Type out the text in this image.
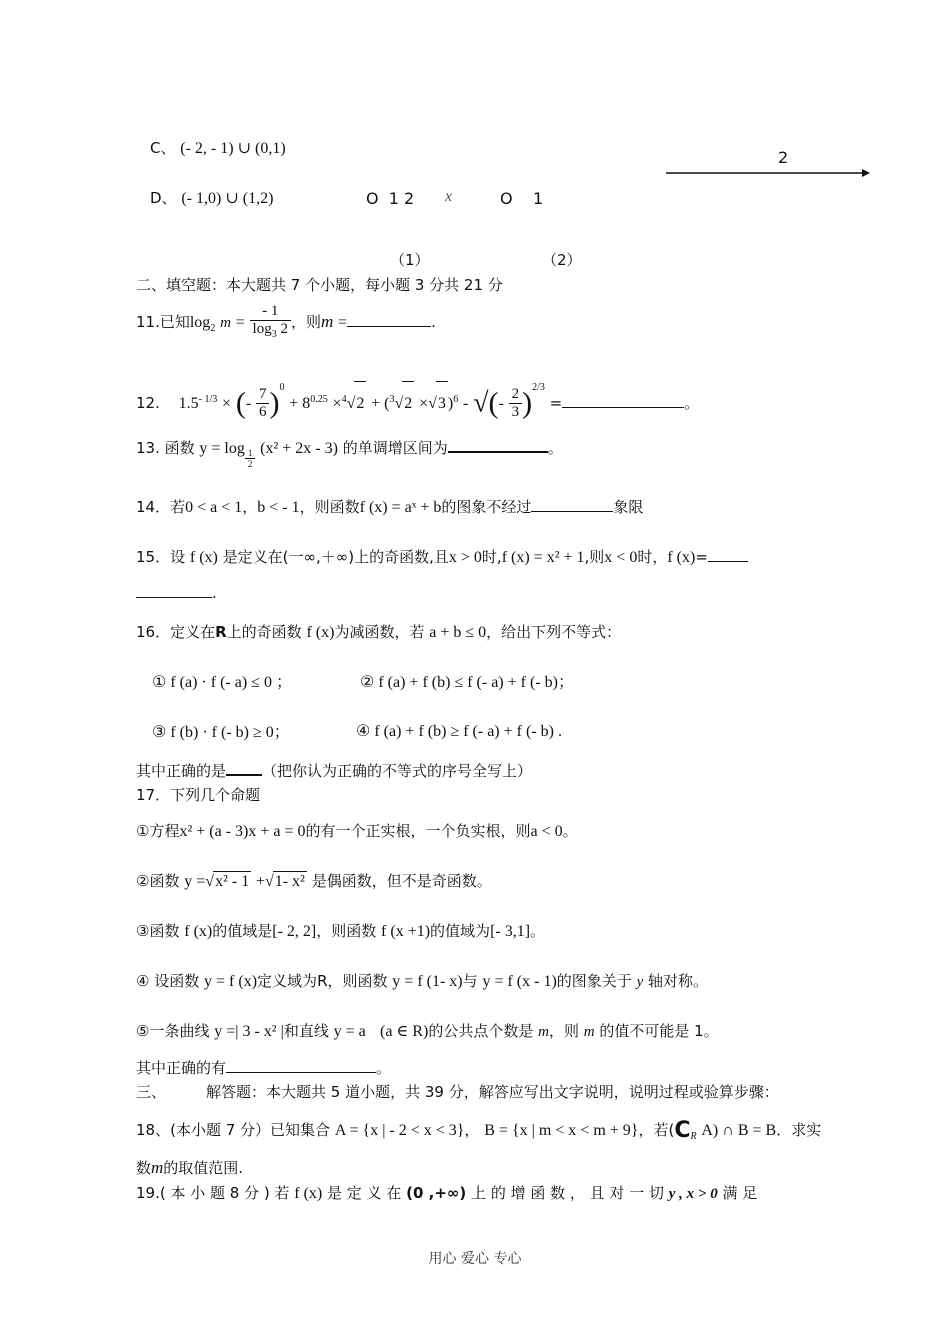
C、 (- 2, - 1) ∪ (0,1)
D、 (- 1,0) ∪ (1,2)
2
O  1 2 x	O    1
（1）	（2）
二、填空题：本大题共 7 个小题，每小题 3 分共 21 分
11.已知$\log_2 m = \frac{- 1}{\log_3 2}$ ，则m =	.
12. $1.5^{- 1/3}$ × (- $\frac{7}{6} )^0 + 8^{0.25} \times^4√2 + (^3√2 \times√3$ )$^6$ - √(- $\frac{2}{3} )^{2/3}$ =	。
13. 函数 $y = \log \frac{1}{2} (x^2 + 2x - 3)$ 的单调增区间为	。
14．若0 < a < 1，b < - 1，则函数f (x) = aˣ + b的图象不经过	象限
15．设 f (x) 是定义在(一∞,＋∞)上的奇函数,且x > 0时,f (x) = x² + 1,则x < 0时，f (x)=
.
16．定义在R上的奇函数 f (x)为减函数，若 a + b ≤ 0，给出下列不等式：
① f (a) · f (- a) ≤ 0 ；	② f (a) + f (b) ≤ f (- a) + f (- b)；
③ f (b) · f (- b) ≥ 0；	④ f (a) + f (b) ≥ f (- a) + f (- b) .
其中正确的是 （把你认为正确的不等式的序号全写上）
17．下列几个命题
①方程x² + (a - 3)x + a = 0的有一个正实根，一个负实根，则a < 0。
②函数 y =√x² - 1 +√1- x² 是偶函数，但不是奇函数。
③函数 f (x)的值域是[- 2, 2]，则函数 f (x +1)的值域为[- 3,1]。
④ 设函数 y = f (x)定义域为R，则函数 y = f (1- x)与 y = f (x - 1)的图象关于 y 轴对称。
⑤一条曲线 y =| 3 - x² |和直线 y = a (a ∈ R)的公共点个数是 m，则 m 的值不可能是 1。
其中正确的有	。
三、	解答题：本大题共 5 道小题，共 39 分，解答应写出文字说明，说明过程或验算步骤：
18、(本小题 7 分）已知集合 A = {x | - 2 < x < 3}， B = {x | m < x < m + 9}，若($C_R$ A) ∩ B = B．求实
数m的取值范围.
19.( 本 小 题 8 分 ) 若 f (x) 是 定 义 在 (0 ,+∞) 上 的 增 函 数 ， 且 对 一 切 y , x > 0 满 足
用心 爱心 专心
